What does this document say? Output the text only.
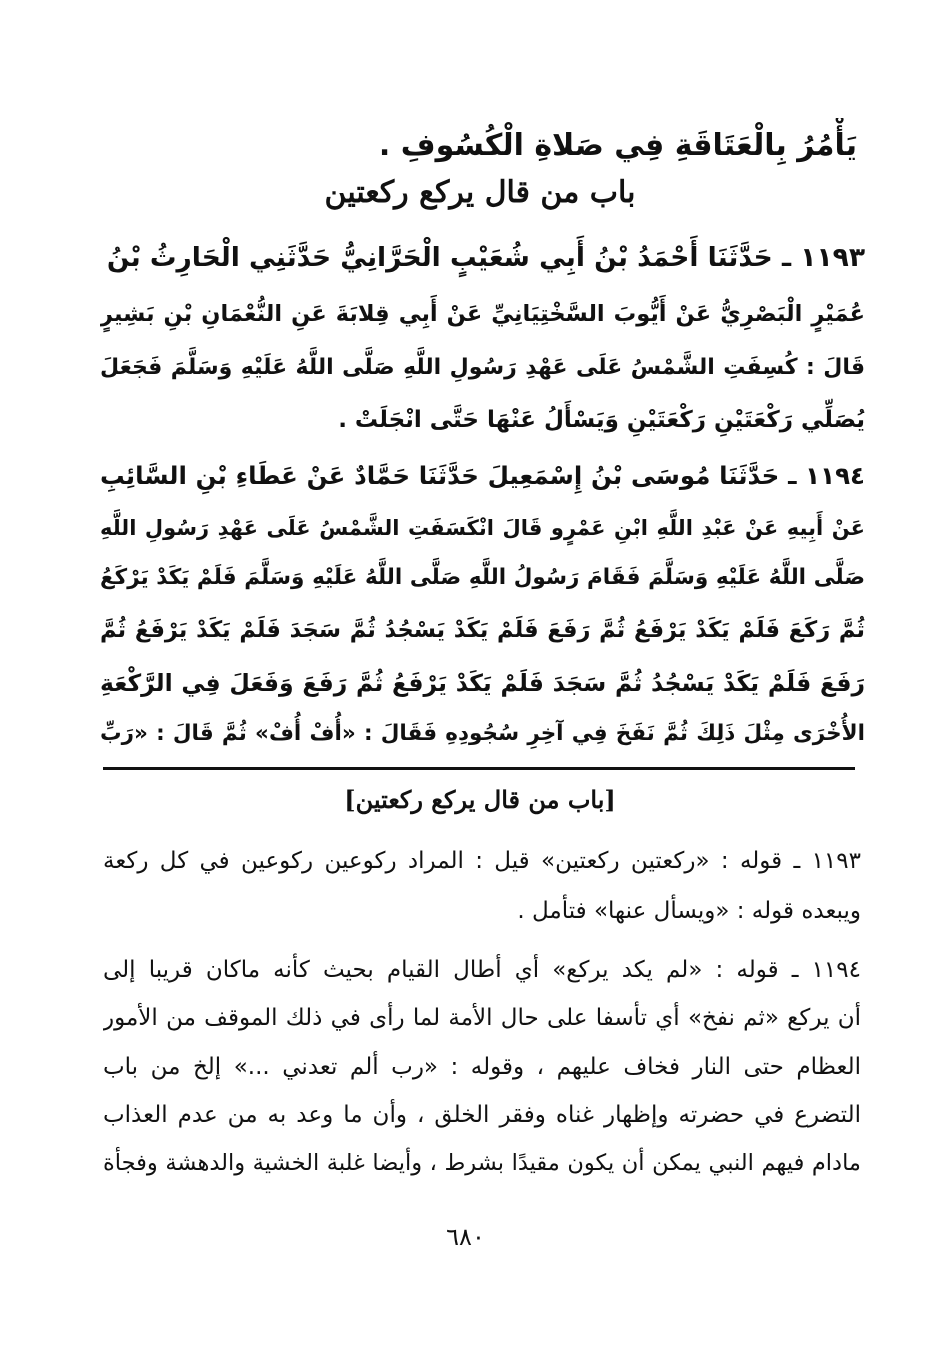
يَأْمُرُ بِالْعَتَاقَةِ فِي صَلاةِ الْكُسُوفِ .
باب من قال يركع ركعتين
١١٩٣ ـ حَدَّثَنَا أَحْمَدُ بْنُ أَبِي شُعَيْبٍ الْحَرَّانِيُّ حَدَّثَنِي الْحَارِثُ بْنُ
عُمَيْرٍ الْبَصْرِيُّ عَنْ أَيُّوبَ السَّخْتِيَانِيِّ عَنْ أَبِي قِلابَةَ عَنِ النُّعْمَانِ بْنِ بَشِيرٍ
قَالَ : كُسِفَتِ الشَّمْسُ عَلَى عَهْدِ رَسُولِ اللَّهِ صَلَّى اللَّهُ عَلَيْهِ وَسَلَّمَ فَجَعَلَ
يُصَلِّي رَكْعَتَيْنِ رَكْعَتَيْنِ وَيَسْأَلُ عَنْهَا حَتَّى انْجَلَتْ .
١١٩٤ ـ حَدَّثَنَا مُوسَى بْنُ إِسْمَعِيلَ حَدَّثَنَا حَمَّادٌ عَنْ عَطَاءِ بْنِ السَّائِبِ
عَنْ أَبِيهِ عَنْ عَبْدِ اللَّهِ ابْنِ عَمْرٍو قَالَ انْكَسَفَتِ الشَّمْسُ عَلَى عَهْدِ رَسُولِ اللَّهِ
صَلَّى اللَّهُ عَلَيْهِ وَسَلَّمَ فَقَامَ رَسُولُ اللَّهِ صَلَّى اللَّهُ عَلَيْهِ وَسَلَّمَ فَلَمْ يَكَدْ يَرْكَعُ
ثُمَّ رَكَعَ فَلَمْ يَكَدْ يَرْفَعُ ثُمَّ رَفَعَ فَلَمْ يَكَدْ يَسْجُدُ ثُمَّ سَجَدَ فَلَمْ يَكَدْ يَرْفَعُ ثُمَّ
رَفَعَ فَلَمْ يَكَدْ يَسْجُدُ ثُمَّ سَجَدَ فَلَمْ يَكَدْ يَرْفَعُ ثُمَّ رَفَعَ وَفَعَلَ فِي الرَّكْعَةِ
الأُخْرَى مِثْلَ ذَلِكَ ثُمَّ نَفَخَ فِي آخِرِ سُجُودِهِ فَقَالَ : «أُفْ أُفْ» ثُمَّ قَالَ : «رَبِّ
[باب من قال يركع ركعتين]
١١٩٣ ـ قوله : «ركعتين ركعتين» قيل : المراد ركوعين ركوعين في كل ركعة
ويبعده قوله : «ويسأل عنها» فتأمل .
١١٩٤ ـ قوله : «لم يكد يركع» أي أطال القيام بحيث كأنه ماكان قريبا إلى
أن يركع «ثم نفخ» أي تأسفا على حال الأمة لما رأى في ذلك الموقف من الأمور
العظام حتى النار فخاف عليهم ، وقوله : «رب ألم تعدني ...» إلخ من باب
التضرع في حضرته وإظهار غناه وفقر الخلق ، وأن ما وعد به من عدم العذاب
مادام فيهم النبي يمكن أن يكون مقيدًا بشرط ، وأيضا غلبة الخشية والدهشة وفجأة
٦٨٠
